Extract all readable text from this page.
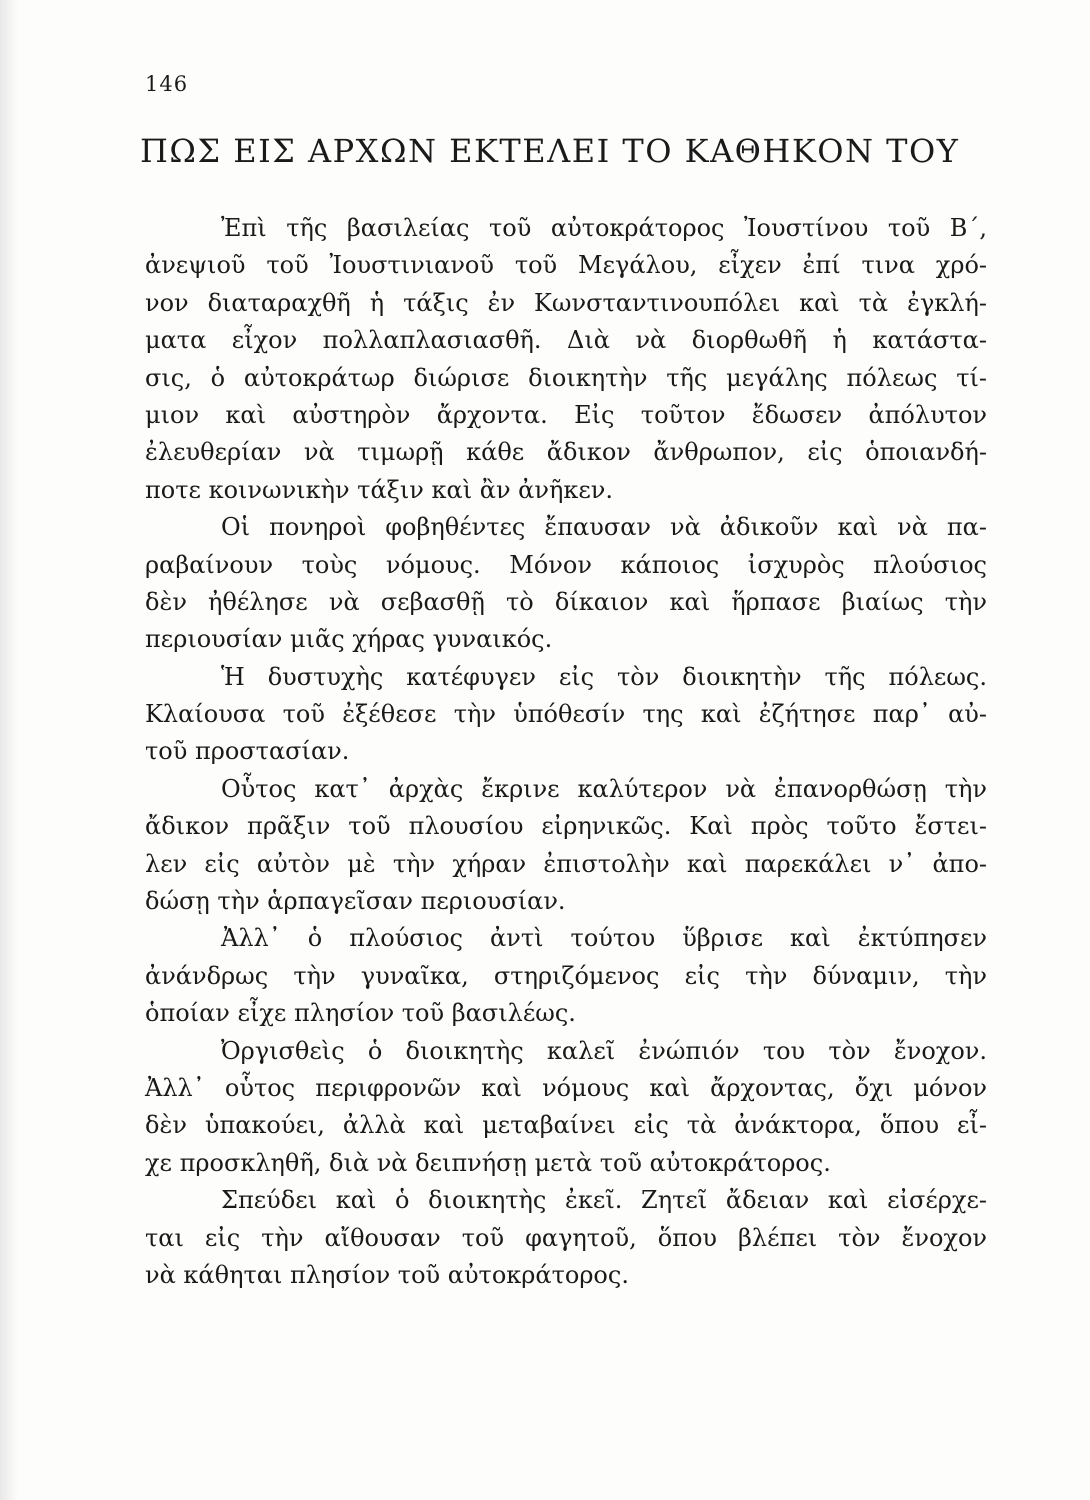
146
ΠΩΣ ΕΙΣ ΑΡΧΩΝ ΕΚΤΕΛΕΙ ΤΟ ΚΑΘΗΚΟΝ ΤΟΥ
Ἐπὶ τῆς βασιλείας τοῦ αὐτοκράτορος Ἰουστίνου τοῦ Β΄,
ἀνεψιοῦ τοῦ Ἰουστινιανοῦ τοῦ Μεγάλου, εἶχεν ἐπί τινα χρό-
νον διαταραχθῆ ἡ τάξις ἐν Κωνσταντινουπόλει καὶ τὰ ἐγκλή-
ματα εἶχον πολλαπλασιασθῆ. Διὰ νὰ διορθωθῆ ἡ κατάστα-
σις, ὁ αὐτοκράτωρ διώρισε διοικητὴν τῆς μεγάλης πόλεως τί-
μιον καὶ αὐστηρὸν ἄρχοντα. Εἰς τοῦτον ἔδωσεν ἀπόλυτον
ἐλευθερίαν νὰ τιμωρῇ κάθε ἄδικον ἄνθρωπον, εἰς ὁποιανδή-
ποτε κοινωνικὴν τάξιν καὶ ἂν ἀνῆκεν.
Οἱ πονηροὶ φοβηθέντες ἔπαυσαν νὰ ἀδικοῦν καὶ νὰ πα-
ραβαίνουν τοὺς νόμους. Μόνον κάποιος ἰσχυρὸς πλούσιος
δὲν ἠθέλησε νὰ σεβασθῇ τὸ δίκαιον καὶ ἥρπασε βιαίως τὴν
περιουσίαν μιᾶς χήρας γυναικός.
Ἡ δυστυχὴς κατέφυγεν εἰς τὸν διοικητὴν τῆς πόλεως.
Κλαίουσα τοῦ ἐξέθεσε τὴν ὑπόθεσίν της καὶ ἐζήτησε παρ᾽ αὐ-
τοῦ προστασίαν.
Οὗτος κατ᾽ ἀρχὰς ἔκρινε καλύτερον νὰ ἐπανορθώσῃ τὴν
ἄδικον πρᾶξιν τοῦ πλουσίου εἰρηνικῶς. Καὶ πρὸς τοῦτο ἔστει-
λεν εἰς αὐτὸν μὲ τὴν χήραν ἐπιστολὴν καὶ παρεκάλει ν᾽ ἀπο-
δώσῃ τὴν ἁρπαγεῖσαν περιουσίαν.
Ἀλλ᾽ ὁ πλούσιος ἀντὶ τούτου ὕβρισε καὶ ἐκτύπησεν
ἀνάνδρως τὴν γυναῖκα, στηριζόμενος εἰς τὴν δύναμιν, τὴν
ὁποίαν εἶχε πλησίον τοῦ βασιλέως.
Ὀργισθεὶς ὁ διοικητὴς καλεῖ ἐνώπιόν του τὸν ἔνοχον.
Ἀλλ᾽ οὗτος περιφρονῶν καὶ νόμους καὶ ἄρχοντας, ὄχι μόνον
δὲν ὑπακούει, ἀλλὰ καὶ μεταβαίνει εἰς τὰ ἀνάκτορα, ὅπου εἶ-
χε προσκληθῆ, διὰ νὰ δειπνήσῃ μετὰ τοῦ αὐτοκράτορος.
Σπεύδει καὶ ὁ διοικητὴς ἐκεῖ. Ζητεῖ ἄδειαν καὶ εἰσέρχε-
ται εἰς τὴν αἴθουσαν τοῦ φαγητοῦ, ὅπου βλέπει τὸν ἔνοχον
νὰ κάθηται πλησίον τοῦ αὐτοκράτορος.
